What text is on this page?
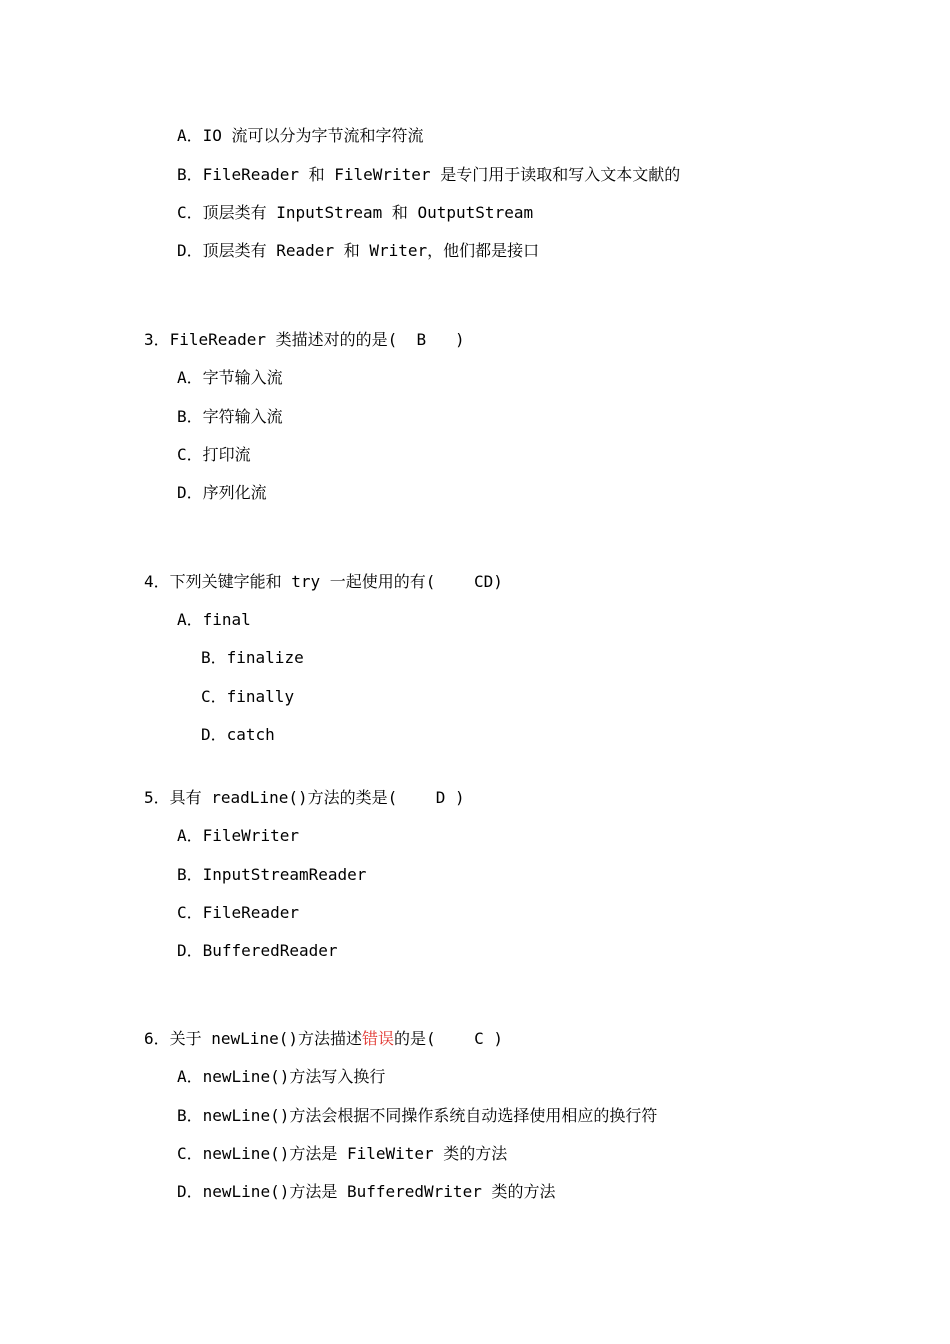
A．IO 流可以分为字节流和字符流
B．FileReader 和 FileWriter 是专门用于读取和写入文本文献的
C．顶层类有 InputStream 和 OutputStream
D．顶层类有 Reader 和 Writer，他们都是接口
3．FileReader 类描述对的的是(  B   )
A．字节输入流
B．字符输入流
C．打印流
D．序列化流
4．下列关键字能和 try 一起使用的有(    CD)
A．final
B．finalize
C．finally
D．catch
5．具有 readLine()方法的类是(    D )
A．FileWriter
B．InputStreamReader
C．FileReader
D．BufferedReader
6．关于 newLine()方法描述错误的是(    C )
A．newLine()方法写入换行
B．newLine()方法会根据不同操作系统自动选择使用相应的换行符
C．newLine()方法是 FileWiter 类的方法
D．newLine()方法是 BufferedWriter 类的方法
